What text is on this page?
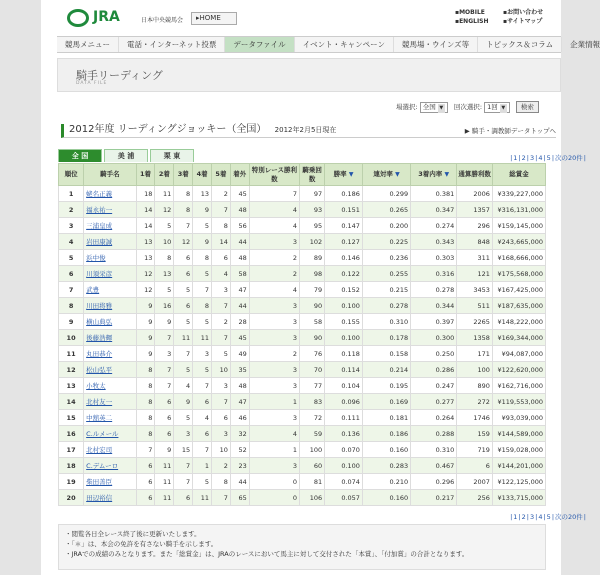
JRA	日本中央競馬会	▸HOME
▪MOBILE	▪お問い合わせ
▪ENGLISH ▪サイトマップ
競馬メニュー	電話・インターネット投票	データファイル	イベント・キャンペーン	競馬場・ウインズ等	トピックス＆コラム	企業情報
騎手リーディング
DATA FILE
場選択: 全国 ▼ 回次選択: 1回 ▼ 検索
2012年度 リーディングジョッキー（全国） 2012年2月5日現在	▶ 騎手・調教師データトップへ
全 国	美 浦	栗 東	|1|2|3|4|5|次の20件|
順位	騎手名	1着	2着	3着	4着	5着	着外	特別レース勝利数	騎乗回数	勝率 ▼	連対率 ▼	3着内率 ▼	通算勝利数	総賞金
1	蛯名正義	18	11	8	13	2	45	7	97	0.186	0.299	0.381	2006	¥339,227,000
2	福永祐一	14	12	8	9	7	48	4	93	0.151	0.265	0.347	1357	¥316,131,000
3	三浦皇成	14	5	7	5	8	56	4	95	0.147	0.200	0.274	296	¥159,145,000
4	岩田康誠	13	10	12	9	14	44	3	102	0.127	0.225	0.343	848	¥243,665,000
5	浜中俊	13	8	6	8	6	48	2	89	0.146	0.236	0.303	311	¥168,666,000
6	川須栄彦	12	13	6	5	4	58	2	98	0.122	0.255	0.316	121	¥175,568,000
7	武豊	12	5	5	7	3	47	4	79	0.152	0.215	0.278	3453	¥167,425,000
8	川田将雅	9	16	6	8	7	44	3	90	0.100	0.278	0.344	511	¥187,635,000
9	横山典弘	9	9	5	5	2	28	3	58	0.155	0.310	0.397	2265	¥148,222,000
10	後藤浩輝	9	7	11	11	7	45	3	90	0.100	0.178	0.300	1358	¥169,344,000
11	丸田恭介	9	3	7	3	5	49	2	76	0.118	0.158	0.250	171	¥94,087,000
12	松山弘平	8	7	5	5	10	35	3	70	0.114	0.214	0.286	100	¥122,620,000
13	小牧太	8	7	4	7	3	48	3	77	0.104	0.195	0.247	890	¥162,716,000
14	北村友一	8	6	9	6	7	47	1	83	0.096	0.169	0.277	272	¥119,553,000
15	中舘英二	8	6	5	4	6	46	3	72	0.111	0.181	0.264	1746	¥93,039,000
16	C.ルメール	8	6	3	6	3	32	4	59	0.136	0.186	0.288	159	¥144,589,000
17	北村宏司	7	9	15	7	10	52	1	100	0.070	0.160	0.310	719	¥159,028,000
18	C.デムーロ	6	11	7	1	2	23	3	60	0.100	0.283	0.467	6	¥144,201,000
19	柴田善臣	6	11	7	5	8	44	0	81	0.074	0.210	0.296	2007	¥122,125,000
20	田辺裕信	6	11	6	11	7	65	0	106	0.057	0.160	0.217	256	¥133,715,000
|1|2|3|4|5|次の20件|
・閲覧各日全レース終了後に更新いたします。
・「＊」は、本会の免許を有さない騎手を示します。
・JRAでの成績のみとなります。また「総賞金」は、JRAのレースにおいて馬主に対して交付された「本賞」、「付加賞」の合計となります。
